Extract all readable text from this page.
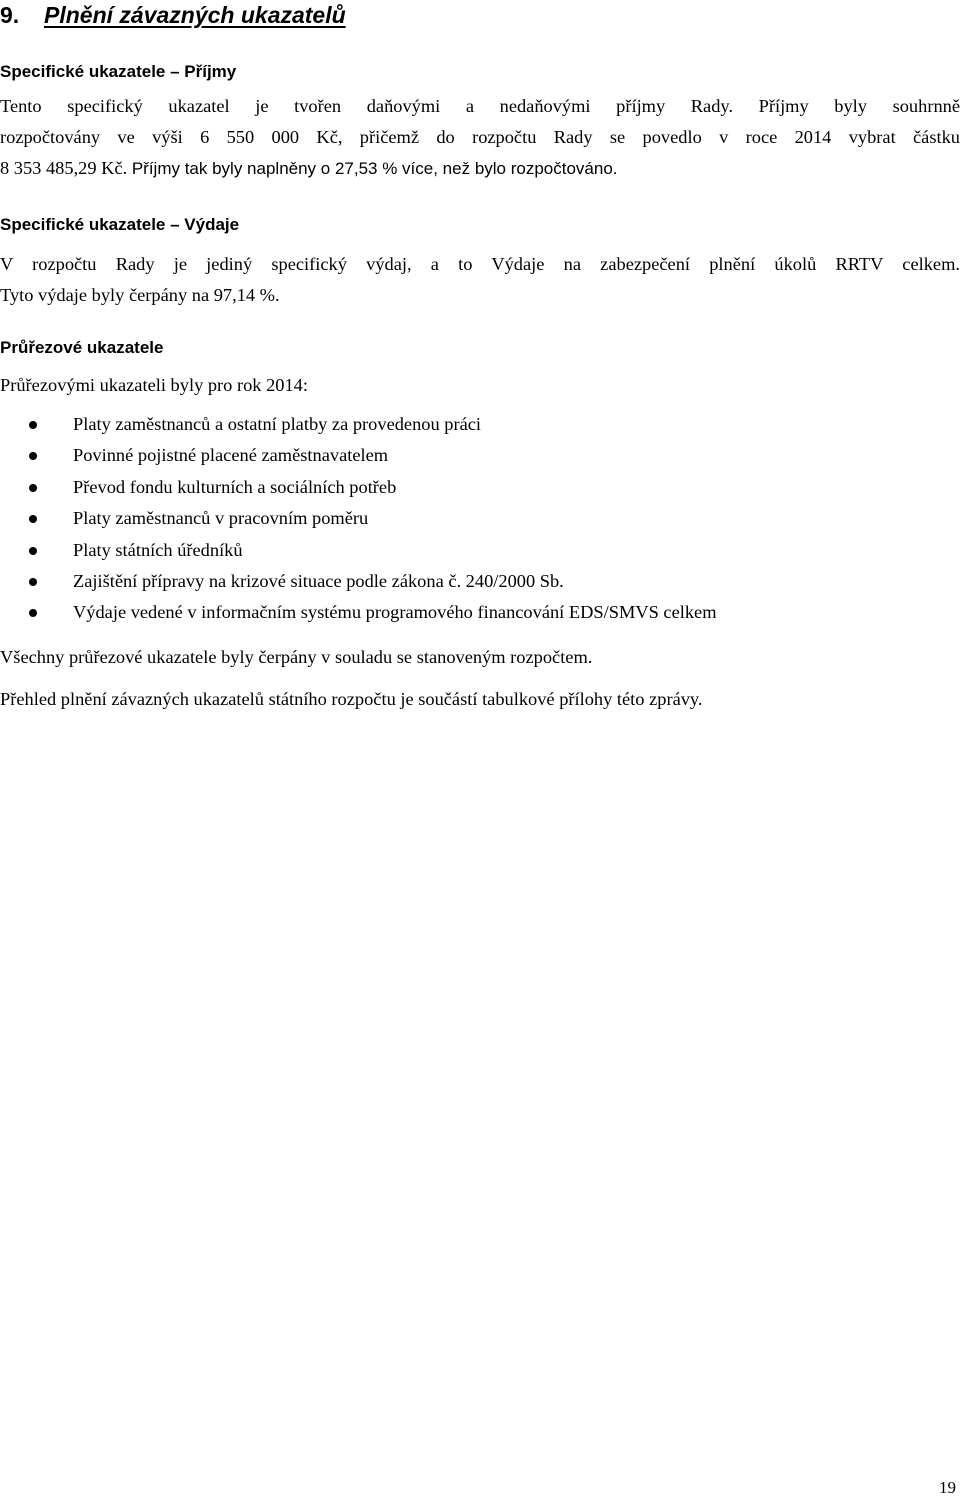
9. Plnění závazných ukazatelů
Specifické ukazatele – Příjmy
Tento specifický ukazatel je tvořen daňovými a nedaňovými příjmy Rady. Příjmy byly souhrnně
rozpočtovány ve výši 6 550 000 Kč, přičemž do rozpočtu Rady se povedlo v roce 2014 vybrat částku
8 353 485,29 Kč. Příjmy tak byly naplněny o 27,53 % více, než bylo rozpočtováno.
Specifické ukazatele – Výdaje
V rozpočtu Rady je jediný specifický výdaj, a to Výdaje na zabezpečení plnění úkolů RRTV celkem.
Tyto výdaje byly čerpány na 97,14 %.
Průřezové ukazatele
Průřezovými ukazateli byly pro rok 2014:
Platy zaměstnanců a ostatní platby za provedenou práci
Povinné pojistné placené zaměstnavatelem
Převod fondu kulturních a sociálních potřeb
Platy zaměstnanců v pracovním poměru
Platy státních úředníků
Zajištění přípravy na krizové situace podle zákona č. 240/2000 Sb.
Výdaje vedené v informačním systému programového financování EDS/SMVS celkem
Všechny průřezové ukazatele byly čerpány v souladu se stanoveným rozpočtem.
Přehled plnění závazných ukazatelů státního rozpočtu je součástí tabulkové přílohy této zprávy.
19
